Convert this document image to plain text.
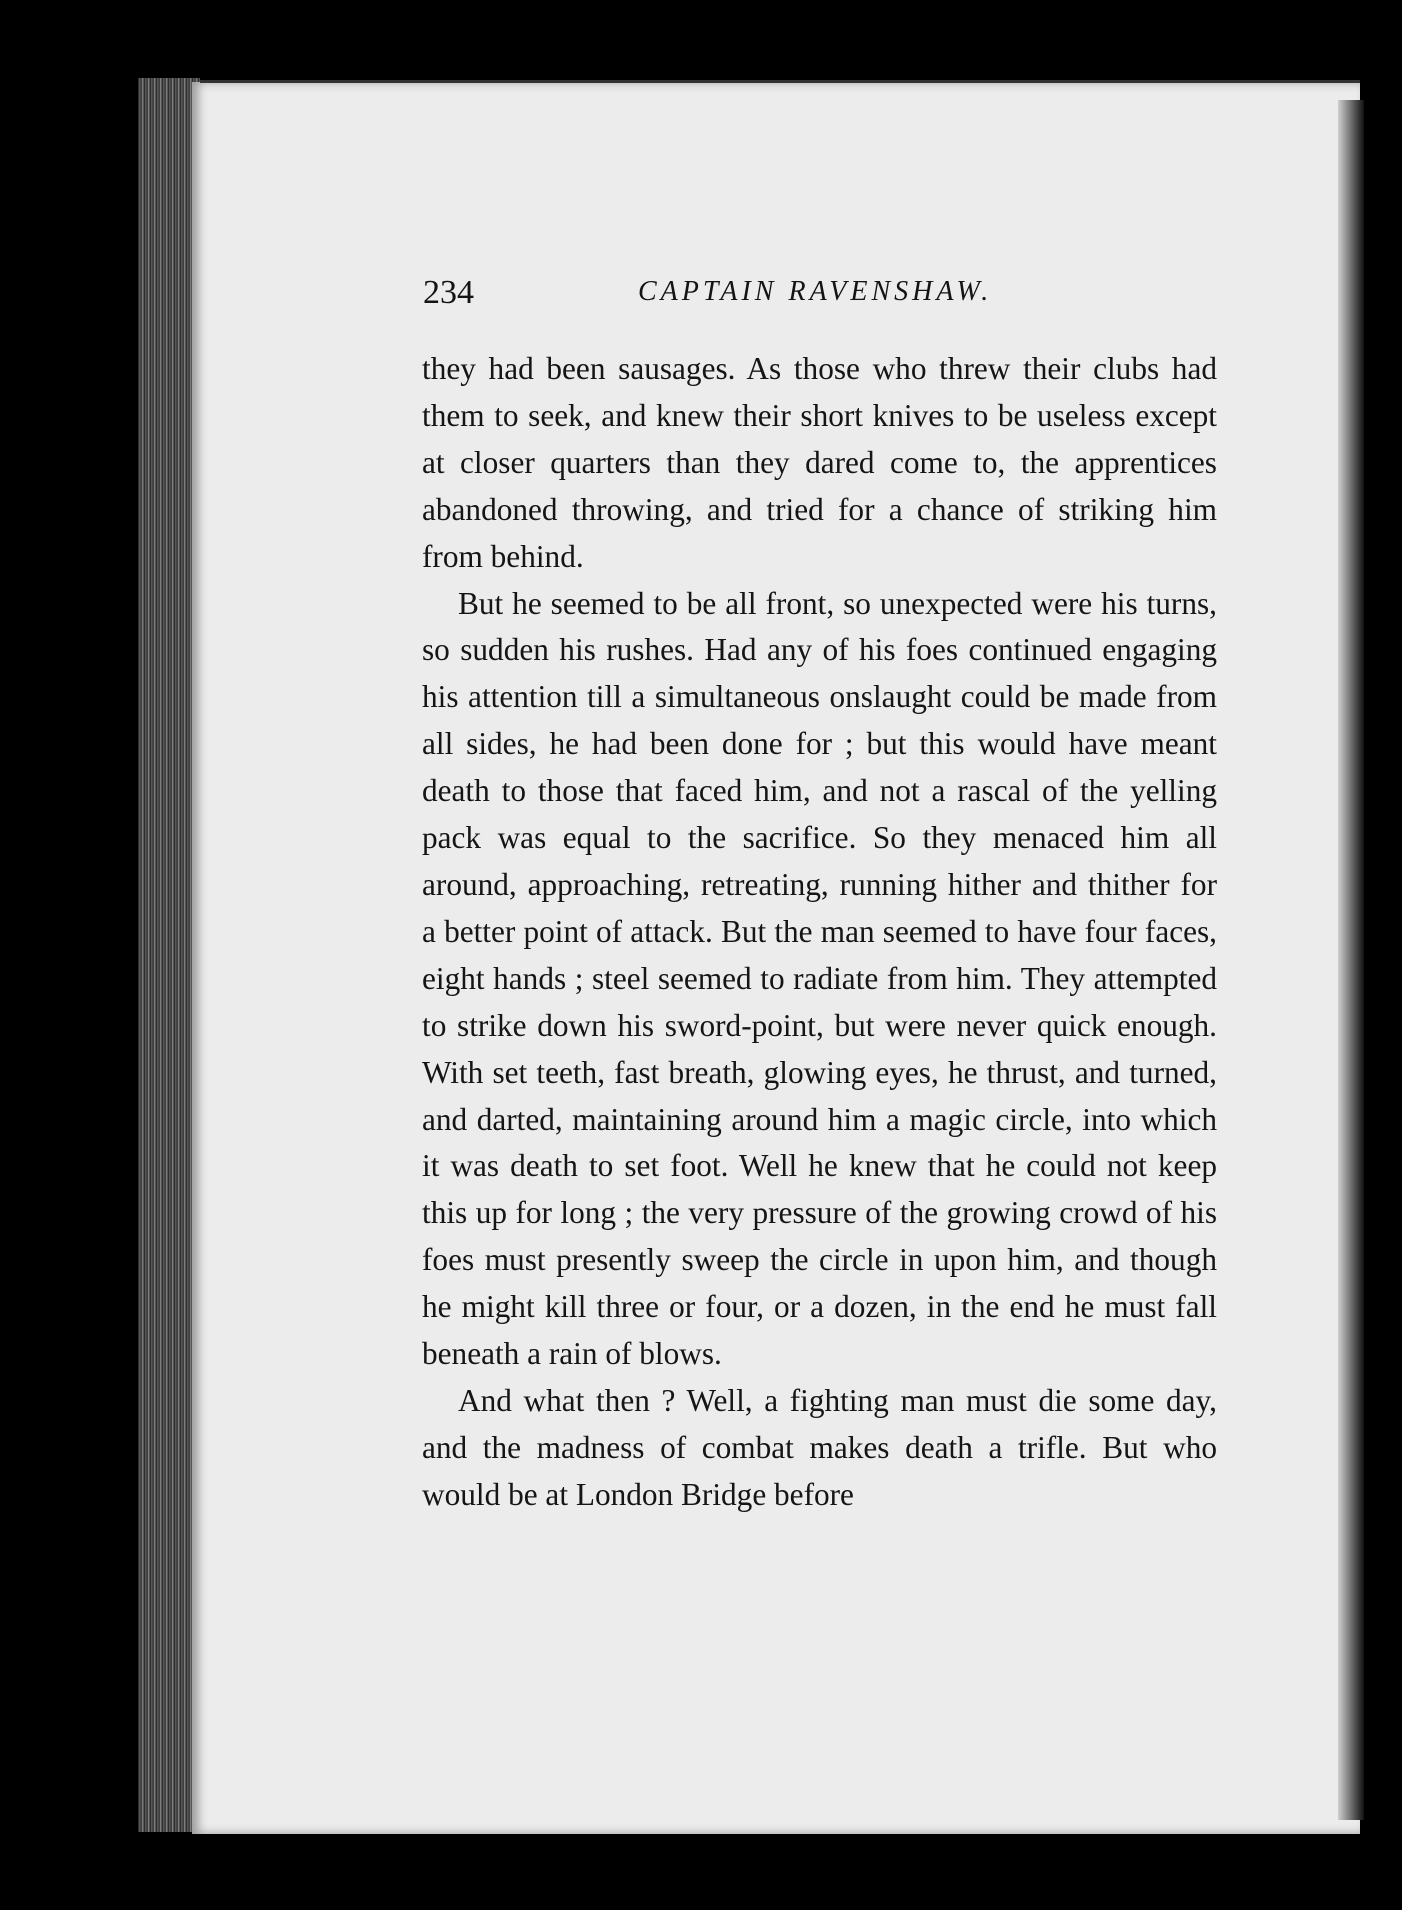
234	CAPTAIN RAVENSHAW.

they had been sausages. As those who threw their clubs had them to seek, and knew their short knives to be useless except at closer quarters than they dared come to, the apprentices abandoned throwing, and tried for a chance of striking him from behind.

But he seemed to be all front, so unexpected were his turns, so sudden his rushes. Had any of his foes continued engaging his attention till a simultaneous onslaught could be made from all sides, he had been done for ; but this would have meant death to those that faced him, and not a rascal of the yelling pack was equal to the sacrifice. So they menaced him all around, approaching, retreating, running hither and thither for a better point of attack. But the man seemed to have four faces, eight hands ; steel seemed to radiate from him. They attempted to strike down his sword-point, but were never quick enough. With set teeth, fast breath, glowing eyes, he thrust, and turned, and darted, maintaining around him a magic circle, into which it was death to set foot. Well he knew that he could not keep this up for long ; the very pressure of the growing crowd of his foes must presently sweep the circle in upon him, and though he might kill three or four, or a dozen, in the end he must fall beneath a rain of blows.

And what then ? Well, a fighting man must die some day, and the madness of combat makes death a trifle. But who would be at London Bridge before
